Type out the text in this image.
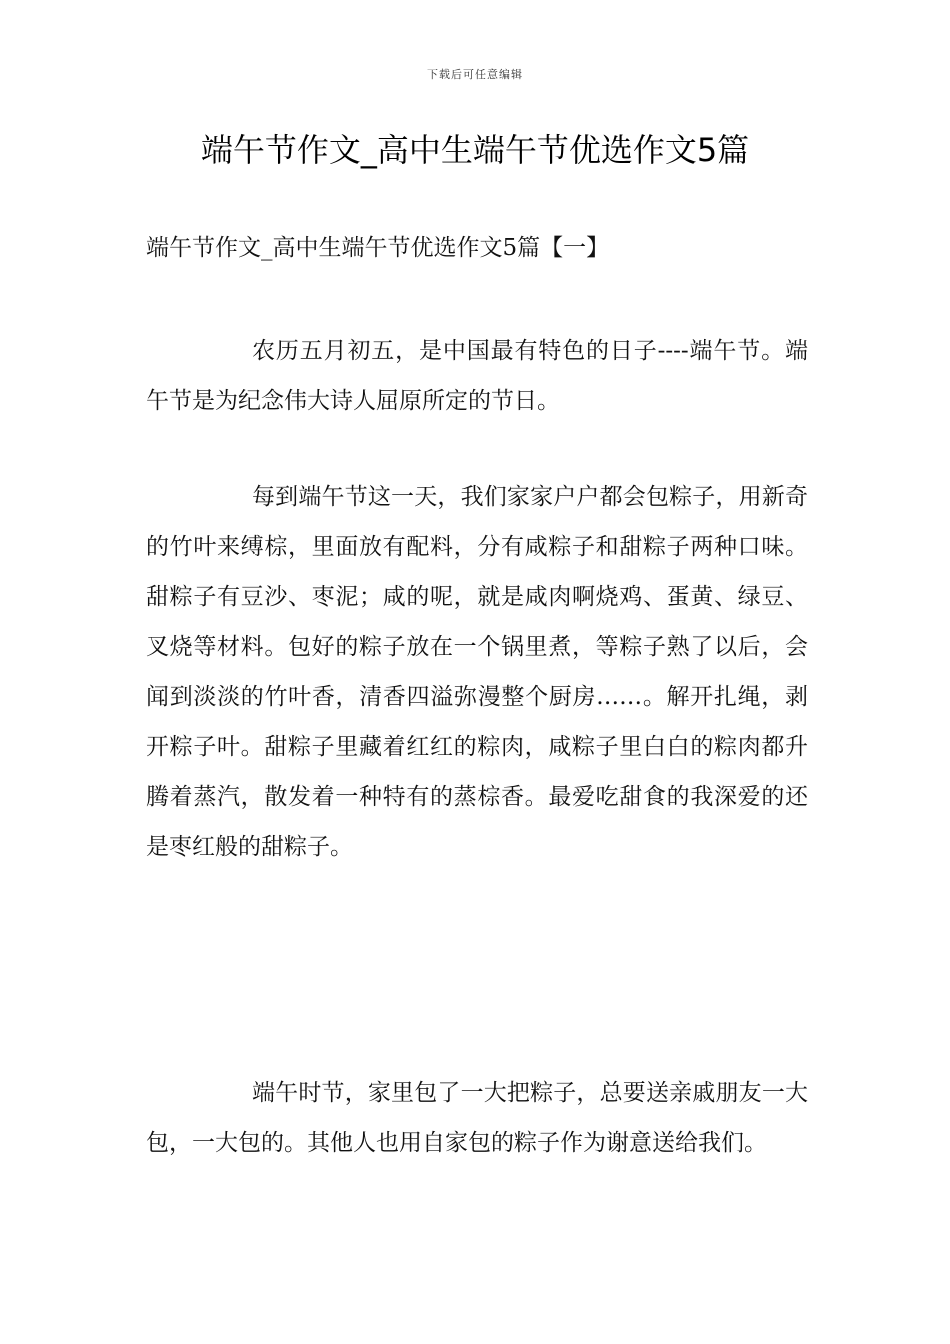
下载后可任意编辑
端午节作文_高中生端午节优选作文5篇
端午节作文_高中生端午节优选作文5篇【一】

农历五月初五，是中国最有特色的日子----端午节。端午节是为纪念伟大诗人屈原所定的节日。

每到端午节这一天，我们家家户户都会包粽子，用新奇的竹叶来缚棕，里面放有配料，分有咸粽子和甜粽子两种口味。甜粽子有豆沙、枣泥；咸的呢，就是咸肉啊烧鸡、蛋黄、绿豆、叉烧等材料。包好的粽子放在一个锅里煮，等粽子熟了以后，会闻到淡淡的竹叶香，清香四溢弥漫整个厨房……。解开扎绳，剥开粽子叶。甜粽子里藏着红红的粽肉，咸粽子里白白的粽肉都升腾着蒸汽，散发着一种特有的蒸棕香。最爱吃甜食的我深爱的还是枣红般的甜粽子。

端午时节，家里包了一大把粽子，总要送亲戚朋友一大包，一大包的。其他人也用自家包的粽子作为谢意送给我们。
